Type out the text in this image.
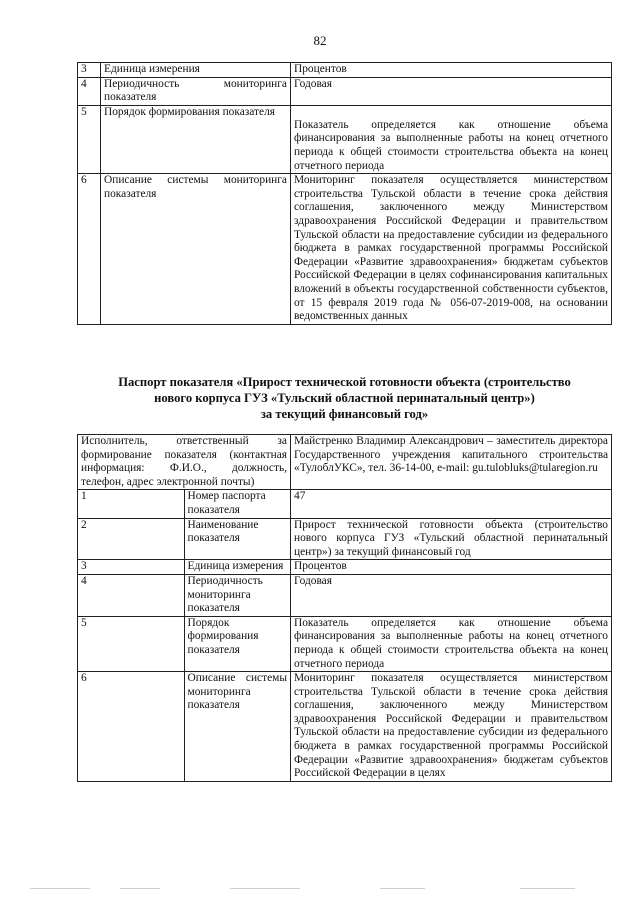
82
3	Единица измерения	Процентов
4	Периодичность мониторинга показателя	Годовая
5	Порядок формирования показателя	Показатель определяется как отношение объема финансирования за выполненные работы на конец отчетного периода к общей стоимости строительства объекта на конец отчетного периода
6	Описание системы мониторинга показателя	Мониторинг показателя осуществляется министерством строительства Тульской области в течение срока действия соглашения, заключенного между Министерством здравоохранения Российской Федерации и правительством Тульской области на предоставление субсидии из федерального бюджета в рамках государственной программы Российской Федерации «Развитие здравоохранения» бюджетам субъектов Российской Федерации в целях софинансирования капитальных вложений в объекты государственной собственности субъектов, от 15 февраля 2019 года № 056-07-2019-008, на основании ведомственных данных
Паспорт показателя «Прирост технической готовности объекта (строительство
нового корпуса ГУЗ «Тульский областной перинатальный центр»)
за текущий финансовый год»
Исполнитель, ответственный за формирование показателя (контактная информация: Ф.И.О., должность, телефон, адрес электронной почты)		Майстренко Владимир Александрович – заместитель директора Государственного учреждения капитального строительства «ТулоблУКС», тел. 36-14-00, e-mail: gu.tulobluks@tularegion.ru
1	Номер паспорта показателя	47
2	Наименование показателя	Прирост технической готовности объекта (строительство нового корпуса ГУЗ «Тульский областной перинатальный центр») за текущий финансовый год
3	Единица измерения	Процентов
4	Периодичность мониторинга показателя	Годовая
5	Порядок формирования показателя	Показатель определяется как отношение объема финансирования за выполненные работы на конец отчетного периода к общей стоимости строительства объекта на конец отчетного периода
6	Описание системы мониторинга показателя	Мониторинг показателя осуществляется министерством строительства Тульской области в течение срока действия соглашения, заключенного между Министерством здравоохранения Российской Федерации и правительством Тульской области на предоставление субсидии из федерального бюджета в рамках государственной программы Российской Федерации «Развитие здравоохранения» бюджетам субъектов Российской Федерации в целях
